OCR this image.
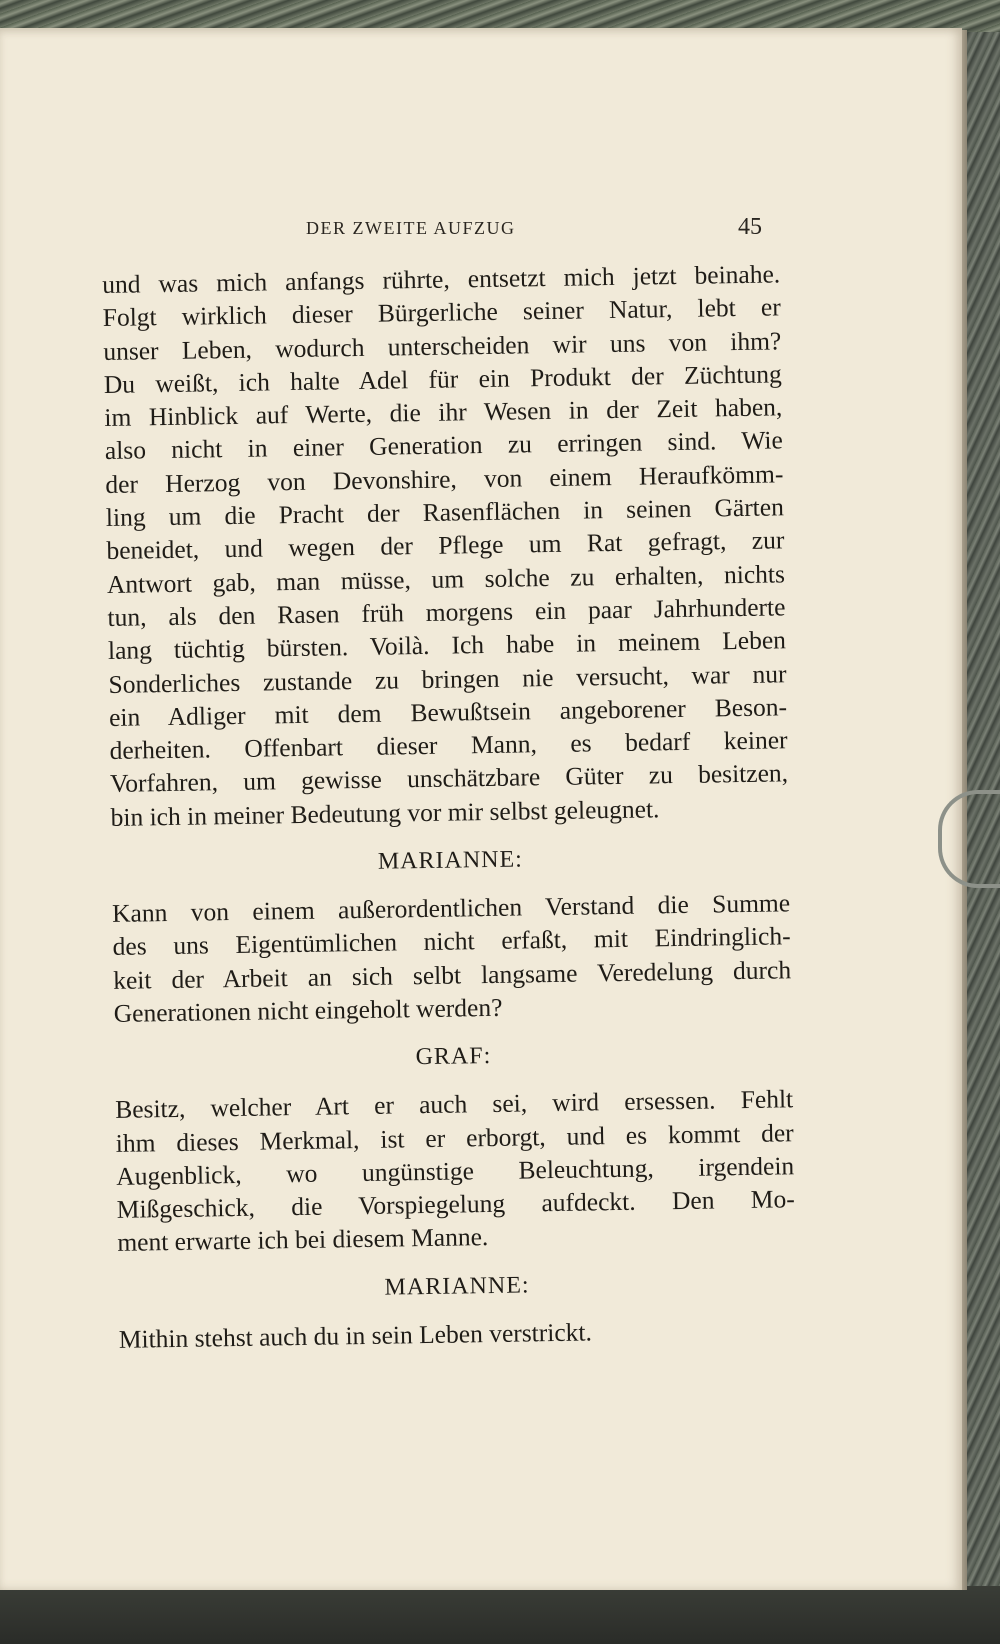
DER ZWEITE AUFZUG	45
und was mich anfangs rührte, entsetzt mich jetzt beinahe.
Folgt wirklich dieser Bürgerliche seiner Natur, lebt er
unser Leben, wodurch unterscheiden wir uns von ihm?
Du weißt, ich halte Adel für ein Produkt der Züchtung
im Hinblick auf Werte, die ihr Wesen in der Zeit haben,
also nicht in einer Generation zu erringen sind. Wie
der Herzog von Devonshire, von einem Heraufkömm-
ling um die Pracht der Rasenflächen in seinen Gärten
beneidet, und wegen der Pflege um Rat gefragt, zur
Antwort gab, man müsse, um solche zu erhalten, nichts
tun, als den Rasen früh morgens ein paar Jahrhunderte
lang tüchtig bürsten. Voilà. Ich habe in meinem Leben
Sonderliches zustande zu bringen nie versucht, war nur
ein Adliger mit dem Bewußtsein angeborener Beson-
derheiten. Offenbart dieser Mann, es bedarf keiner
Vorfahren, um gewisse unschätzbare Güter zu besitzen,
bin ich in meiner Bedeutung vor mir selbst geleugnet.
MARIANNE:
Kann von einem außerordentlichen Verstand die Summe
des uns Eigentümlichen nicht erfaßt, mit Eindringlich-
keit der Arbeit an sich selbt langsame Veredelung durch
Generationen nicht eingeholt werden?
GRAF:
Besitz, welcher Art er auch sei, wird ersessen. Fehlt
ihm dieses Merkmal, ist er erborgt, und es kommt der
Augenblick, wo ungünstige Beleuchtung, irgendein
Mißgeschick, die Vorspiegelung aufdeckt. Den Mo-
ment erwarte ich bei diesem Manne.
MARIANNE:
Mithin stehst auch du in sein Leben verstrickt.
